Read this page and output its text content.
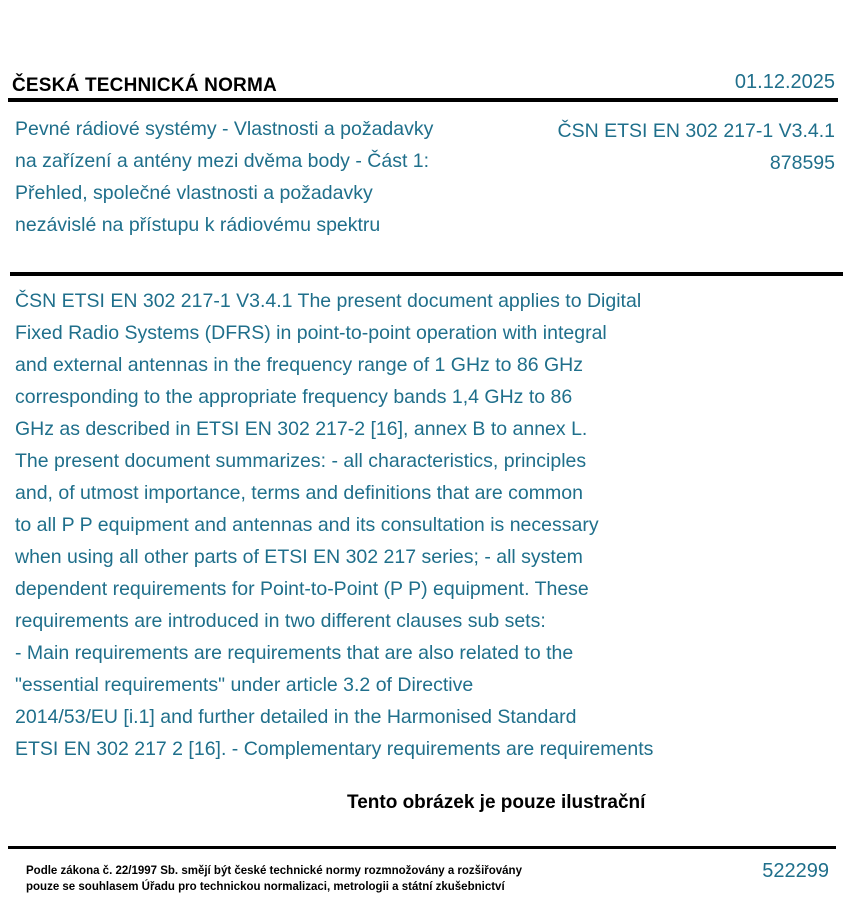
ČESKÁ TECHNICKÁ NORMA	01.12.2025
Pevné rádiové systémy - Vlastnosti a požadavky na zařízení a antény mezi dvěma body - Část 1: Přehled, společné vlastnosti a požadavky nezávislé na přístupu k rádiovému spektru
ČSN ETSI EN 302 217-1 V3.4.1
878595
ČSN ETSI EN 302 217-1 V3.4.1 The present document applies to Digital
Fixed Radio Systems (DFRS) in point-to-point operation with integral
and external antennas in the frequency range of 1 GHz to 86 GHz
corresponding to the appropriate frequency bands 1,4 GHz to 86
GHz as described in ETSI EN 302 217-2 [16], annex B to annex L.
The present document summarizes: - all characteristics, principles
and, of utmost importance, terms and definitions that are common
to all P P equipment and antennas and its consultation is necessary
when using all other parts of ETSI EN 302 217 series; - all system
dependent requirements for Point-to-Point (P P) equipment. These
requirements are introduced in two different clauses sub sets:
- Main requirements are requirements that are also related to the
"essential requirements" under article 3.2 of Directive
2014/53/EU [i.1] and further detailed in the Harmonised Standard
ETSI EN 302 217 2 [16]. - Complementary requirements are requirements
Tento obrázek je pouze ilustrační
Podle zákona č. 22/1997 Sb. smějí být české technické normy rozmnožovány a rozšiřovány
pouze se souhlasem Úřadu pro technickou normalizaci, metrologii a státní zkušebnictví
522299
